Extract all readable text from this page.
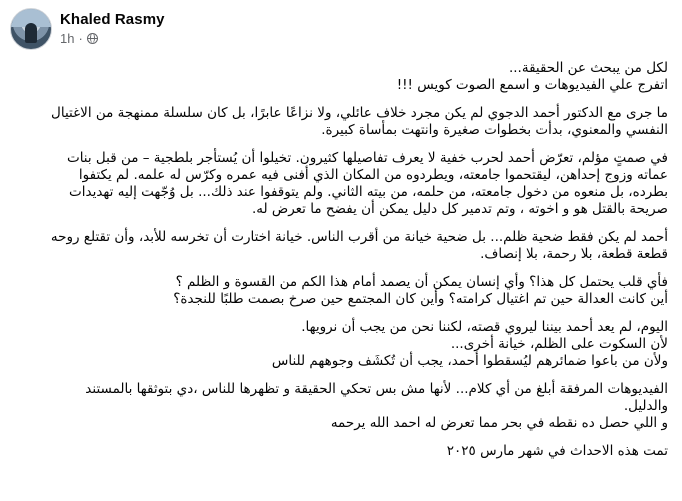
Khaled Rasmy
1h ·
لكل من يبحث عن الحقيقة...
اتفرج علي الفيديوهات و اسمع الصوت كويس !!!
ما جرى مع الدكتور أحمد الدجوي لم يكن مجرد خلاف عائلي، ولا نزاعًا عابرًا، بل كان سلسلة ممنهجة من الاغتيال
النفسي والمعنوي، بدأت بخطوات صغيرة وانتهت بمأساة كبيرة.
في صمتٍ مؤلم، تعرّض أحمد لحرب خفية لا يعرف تفاصيلها كثيرون. تخيلوا أن يُستأجر بلطجية – من قبل بنات
عماته وزوج إحداهن، ليقتحموا جامعته، ويطردوه من المكان الذي أفنى فيه عمره وكرّس له علمه. لم يكتفوا
بطرده، بل منعوه من دخول جامعته، من حلمه، من بيته الثاني. ولم يتوقفوا عند ذلك... بل وُجّهت إليه تهديدات
صريحة بالقتل هو و اخوته ، وتم تدمير كل دليل يمكن أن يفضح ما تعرض له.
أحمد لم يكن فقط ضحية ظلم... بل ضحية خيانة من أقرب الناس. خيانة اختارت أن تخرسه للأبد، وأن تقتلع روحه
قطعة قطعة، بلا رحمة، بلا إنصاف.
فأي قلب يحتمل كل هذا؟ وأي إنسان يمكن أن يصمد أمام هذا الكم من القسوة و الظلم ؟
أين كانت العدالة حين تم اغتيال كرامته؟ وأين كان المجتمع حين صرخ بصمت طلبًا للنجدة؟
اليوم، لم يعد أحمد بيننا ليروي قصته، لكننا نحن من يجب أن نرويها.
لأن السكوت على الظلم، خيانة أخرى...
ولأن من باعوا ضمائرهم ليُسقطوا أحمد، يجب أن تُكشَف وجوههم للناس
الفيديوهات المرفقة أبلغ من أي كلام... لأنها مش بس تحكي الحقيقة و تظهرها للناس ،دي بتوثقها بالمستند
والدليل.
و اللي حصل ده نقطه في بحر مما تعرض له احمد الله يرحمه
تمت هذه الاحداث في شهر مارس ٢٠٢٥
